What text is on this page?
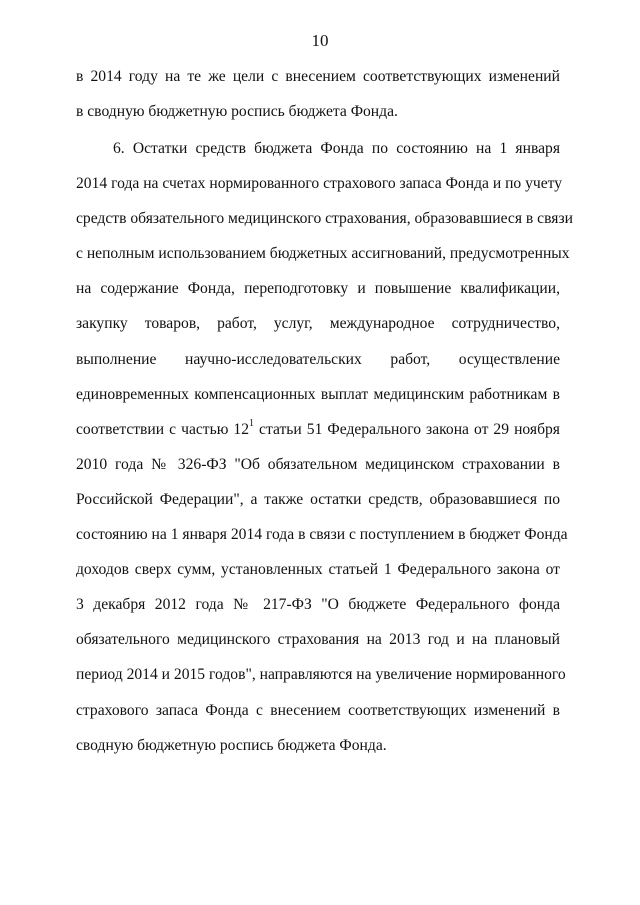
10
в 2014 году на те же цели с внесением соответствующих изменений
в сводную бюджетную роспись бюджета Фонда.
6. Остатки средств бюджета Фонда по состоянию на 1 января
2014 года на счетах нормированного страхового запаса Фонда и по учету
средств обязательного медицинского страхования, образовавшиеся в связи
с неполным использованием бюджетных ассигнований, предусмотренных
на содержание Фонда, переподготовку и повышение квалификации,
закупку товаров, работ, услуг, международное сотрудничество,
выполнение научно-исследовательских работ, осуществление
единовременных компенсационных выплат медицинским работникам в
соответствии с частью 12$^1$ статьи 51 Федерального закона от 29 ноября
2010 года № 326-ФЗ "Об обязательном медицинском страховании в
Российской Федерации", а также остатки средств, образовавшиеся по
состоянию на 1 января 2014 года в связи с поступлением в бюджет Фонда
доходов сверх сумм, установленных статьей 1 Федерального закона от
3 декабря 2012 года № 217-ФЗ "О бюджете Федерального фонда
обязательного медицинского страхования на 2013 год и на плановый
период 2014 и 2015 годов", направляются на увеличение нормированного
страхового запаса Фонда с внесением соответствующих изменений в
сводную бюджетную роспись бюджета Фонда.
